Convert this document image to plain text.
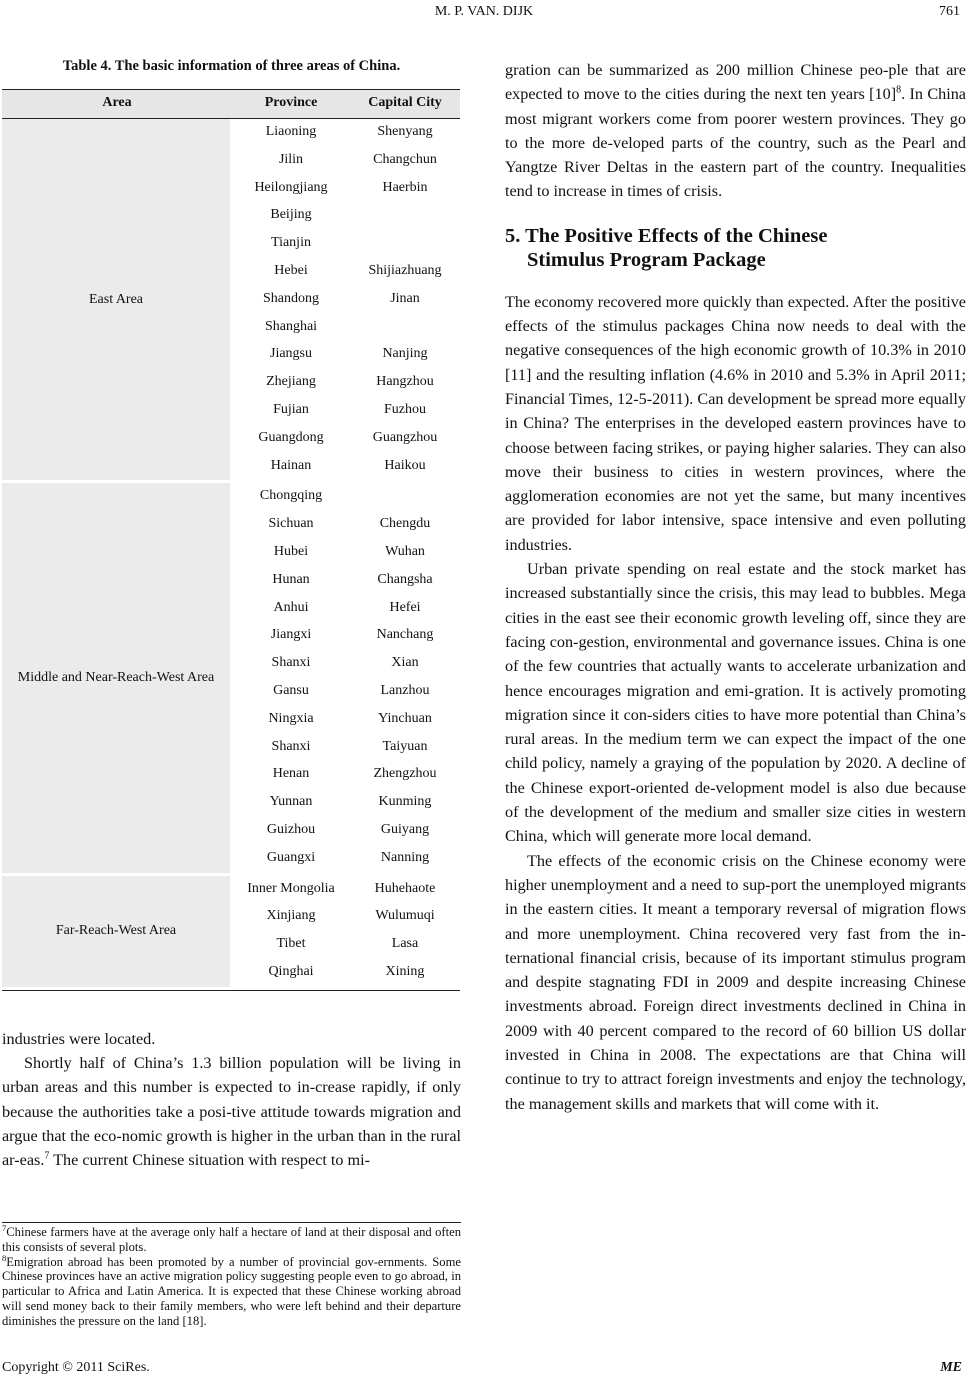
M. P. VAN. DIJK	761
Table 4. The basic information of three areas of China.
Area	Province	Capital City
East Area
Liaoning	Shenyang
Jilin	Changchun
Heilongjiang	Haerbin
Beijing
Tianjin
Hebei	Shijiazhuang
Shandong	Jinan
Shanghai
Jiangsu	Nanjing
Zhejiang	Hangzhou
Fujian	Fuzhou
Guangdong	Guangzhou
Hainan	Haikou
Middle and Near-Reach-West Area
Chongqing
Sichuan	Chengdu
Hubei	Wuhan
Hunan	Changsha
Anhui	Hefei
Jiangxi	Nanchang
Shanxi	Xian
Gansu	Lanzhou
Ningxia	Yinchuan
Shanxi	Taiyuan
Henan	Zhengzhou
Yunnan	Kunming
Guizhou	Guiyang
Guangxi	Nanning
Far-Reach-West Area
Inner Mongolia	Huhehaote
Xinjiang	Wulumuqi
Tibet	Lasa
Qinghai	Xining

industries were located.

Shortly half of China’s 1.3 billion population will be living in urban areas and this number is expected to in-crease rapidly, if only because the authorities take a posi-tive attitude towards migration and argue that the eco-nomic growth is higher in the urban than in the rural ar-eas.$^7$ The current Chinese situation with respect to mi-

$^7$Chinese farmers have at the average only half a hectare of land at their disposal and often this consists of several plots.

$^8$Emigration abroad has been promoted by a number of provincial gov-ernments. Some Chinese provinces have an active migration policy suggesting people even to go abroad, in particular to Africa and Latin America. It is expected that these Chinese working abroad will send money back to their family members, who were left behind and their departure diminishes the pressure on the land [18].

gration can be summarized as 200 million Chinese peo-ple that are expected to move to the cities during the next ten years $[10]^8$. In China most migrant workers come from poorer western provinces. They go to the more de-veloped parts of the country, such as the Pearl and Yangtze River Deltas in the eastern part of the country. Inequalities tend to increase in times of crisis.

5. The Positive Effects of the Chinese
Stimulus Program Package

The economy recovered more quickly than expected. After the positive effects of the stimulus packages China now needs to deal with the negative consequences of the high economic growth of 10.3% in 2010 [11] and the resulting inflation (4.6% in 2010 and 5.3% in April 2011; Financial Times, 12-5-2011). Can development be spread more equally in China? The enterprises in the developed eastern provinces have to choose between facing strikes, or paying higher salaries. They can also move their business to cities in western provinces, where the agglomeration economies are not yet the same, but many incentives are provided for labor intensive, space intensive and even polluting industries.

Urban private spending on real estate and the stock market has increased substantially since the crisis, this may lead to bubbles. Mega cities in the east see their economic growth leveling off, since they are facing con-gestion, environmental and governance issues. China is one of the few countries that actually wants to accelerate urbanization and hence encourages migration and emi-gration. It is actively promoting migration since it con-siders cities to have more potential than China’s rural areas. In the medium term we can expect the impact of the one child policy, namely a graying of the population by 2020. A decline of the Chinese export-oriented de-velopment model is also due because of the development of the medium and smaller size cities in western China, which will generate more local demand.

The effects of the economic crisis on the Chinese economy were higher unemployment and a need to sup-port the unemployed migrants in the eastern cities. It meant a temporary reversal of migration flows and more unemployment. China recovered very fast from the in-ternational financial crisis, because of its important stimulus program and despite stagnating FDI in 2009 and despite increasing Chinese investments abroad. Foreign direct investments declined in China in 2009 with 40 percent compared to the record of 60 billion US dollar invested in China in 2008. The expectations are that China will continue to try to attract foreign investments and enjoy the technology, the management skills and markets that will come with it.

Copyright © 2011 SciRes.	ME
